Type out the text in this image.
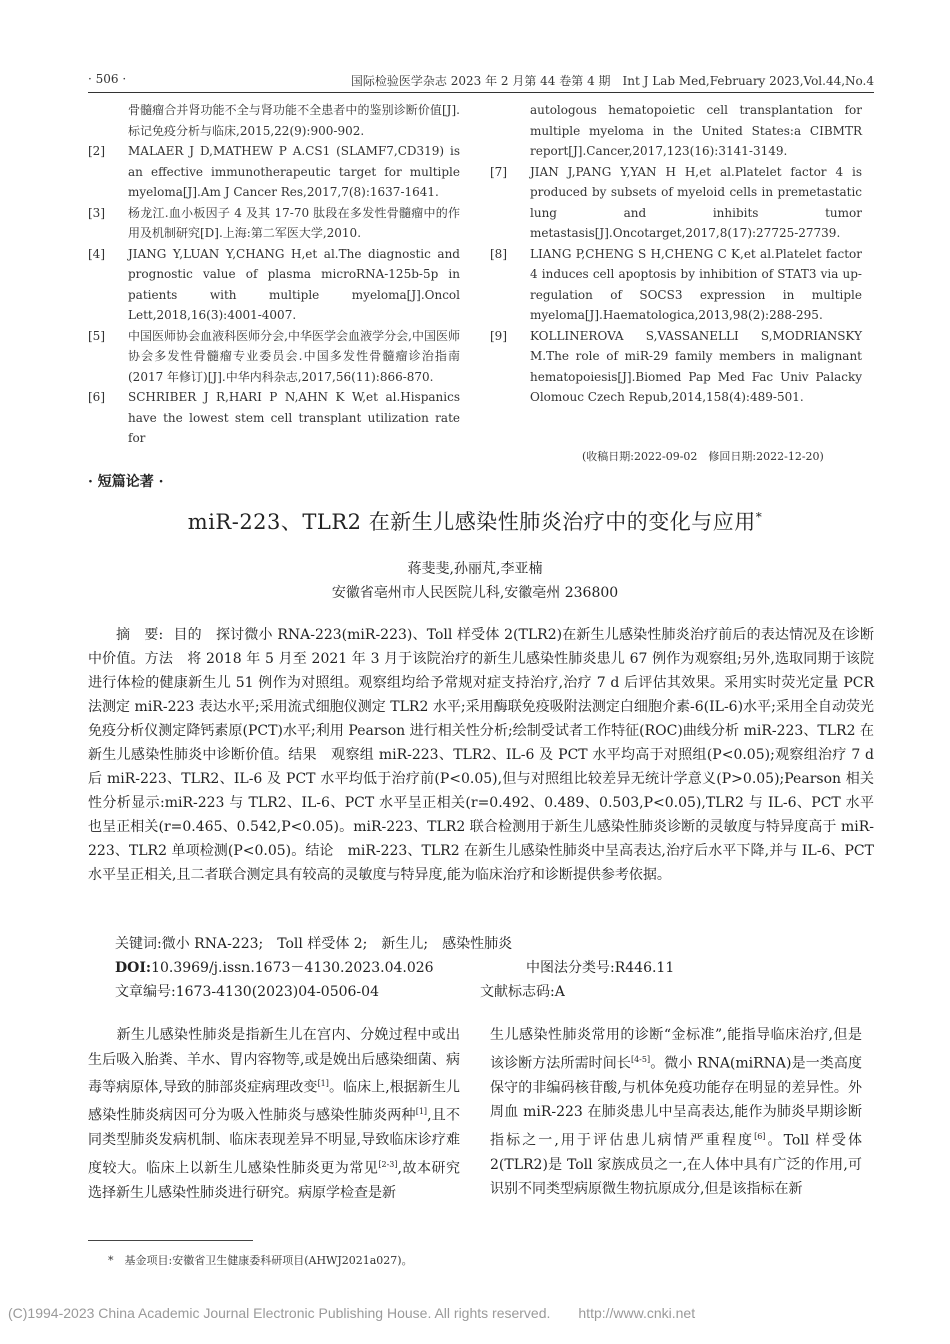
· 506 ·	国际检验医学杂志 2023 年 2 月第 44 卷第 4 期　Int J Lab Med,February 2023,Vol.44,No.4
骨髓瘤合并肾功能不全与肾功能不全患者中的鉴别诊断价值[J].标记免疫分析与临床,2015,22(9):900-902.
[2] MALAER J D,MATHEW P A.CS1 (SLAMF7,CD319) is an effective immunotherapeutic target for multiple myeloma[J].Am J Cancer Res,2017,7(8):1637-1641.
[3] 杨龙江.血小板因子 4 及其 17-70 肽段在多发性骨髓瘤中的作用及机制研究[D].上海:第二军医大学,2010.
[4] JIANG Y,LUAN Y,CHANG H,et al.The diagnostic and prognostic value of plasma microRNA-125b-5p in patients with multiple myeloma[J].Oncol Lett,2018,16(3):4001-4007.
[5] 中国医师协会血液科医师分会,中华医学会血液学分会,中国医师协会多发性骨髓瘤专业委员会.中国多发性骨髓瘤诊治指南(2017 年修订)[J].中华内科杂志,2017,56(11):866-870.
[6] SCHRIBER J R,HARI P N,AHN K W,et al.Hispanics have the lowest stem cell transplant utilization rate for
autologous hematopoietic cell transplantation for multiple myeloma in the United States:a CIBMTR report[J].Cancer,2017,123(16):3141-3149.
[7] JIAN J,PANG Y,YAN H H,et al.Platelet factor 4 is produced by subsets of myeloid cells in premetastatic lung and inhibits tumor metastasis[J].Oncotarget,2017,8(17):27725-27739.
[8] LIANG P,CHENG S H,CHENG C K,et al.Platelet factor 4 induces cell apoptosis by inhibition of STAT3 via up-regulation of SOCS3 expression in multiple myeloma[J].Haematologica,2013,98(2):288-295.
[9] KOLLINEROVA S,VASSANELLI S,MODRIANSKY M.The role of miR-29 family members in malignant hematopoiesis[J].Biomed Pap Med Fac Univ Palacky Olomouc Czech Repub,2014,158(4):489-501.
(收稿日期:2022-09-02　修回日期:2022-12-20)
· 短篇论著 ·
miR-223、TLR2 在新生儿感染性肺炎治疗中的变化与应用*
蒋斐斐,孙丽芃,李亚楠
安徽省亳州市人民医院儿科,安徽亳州 236800
摘　要: 目的　探讨微小 RNA-223(miR-223)、Toll 样受体 2(TLR2)在新生儿感染性肺炎治疗前后的表达情况及在诊断中价值。方法　将 2018 年 5 月至 2021 年 3 月于该院治疗的新生儿感染性肺炎患儿 67 例作为观察组;另外,选取同期于该院进行体检的健康新生儿 51 例作为对照组。观察组均给予常规对症支持治疗,治疗 7 d 后评估其效果。采用实时荧光定量 PCR 法测定 miR-223 表达水平;采用流式细胞仪测定 TLR2 水平;采用酶联免疫吸附法测定白细胞介素-6(IL-6)水平;采用全自动荧光免疫分析仪测定降钙素原(PCT)水平;利用 Pearson 进行相关性分析;绘制受试者工作特征(ROC)曲线分析 miR-223、TLR2 在新生儿感染性肺炎中诊断价值。结果　观察组 miR-223、TLR2、IL-6 及 PCT 水平均高于对照组(P<0.05);观察组治疗 7 d 后 miR-223、TLR2、IL-6 及 PCT 水平均低于治疗前(P<0.05),但与对照组比较差异无统计学意义(P>0.05);Pearson 相关性分析显示:miR-223 与 TLR2、IL-6、PCT 水平呈正相关(r=0.492、0.489、0.503,P<0.05),TLR2 与 IL-6、PCT 水平也呈正相关(r=0.465、0.542,P<0.05)。miR-223、TLR2 联合检测用于新生儿感染性肺炎诊断的灵敏度与特异度高于 miR-223、TLR2 单项检测(P<0.05)。结论　miR-223、TLR2 在新生儿感染性肺炎中呈高表达,治疗后水平下降,并与 IL-6、PCT 水平呈正相关,且二者联合测定具有较高的灵敏度与特异度,能为临床治疗和诊断提供参考依据。
关键词:微小 RNA-223;　Toll 样受体 2;　新生儿;　感染性肺炎
DOI:10.3969/j.issn.1673－4130.2023.04.026	中图法分类号:R446.11
文章编号:1673-4130(2023)04-0506-04	文献标志码:A
　　新生儿感染性肺炎是指新生儿在宫内、分娩过程中或出生后吸入胎粪、羊水、胃内容物等,或是娩出后感染细菌、病毒等病原体,导致的肺部炎症病理改变[1]。临床上,根据新生儿感染性肺炎病因可分为吸入性肺炎与感染性肺炎两种[1],且不同类型肺炎发病机制、临床表现差异不明显,导致临床诊疗难度较大。临床上以新生儿感染性肺炎更为常见[2-3],故本研究选择新生儿感染性肺炎进行研究。病原学检查是新
生儿感染性肺炎常用的诊断“金标准”,能指导临床治疗,但是该诊断方法所需时间长[4-5]。微小 RNA(miRNA)是一类高度保守的非编码核苷酸,与机体免疫功能存在明显的差异性。外周血 miR-223 在肺炎患儿中呈高表达,能作为肺炎早期诊断指标之一,用于评估患儿病情严重程度[6]。Toll 样受体 2(TLR2)是 Toll 家族成员之一,在人体中具有广泛的作用,可识别不同类型病原微生物抗原成分,但是该指标在新
*　基金项目:安徽省卫生健康委科研项目(AHWJ2021a027)。
(C)1994-2023 China Academic Journal Electronic Publishing House. All rights reserved.　　http://www.cnki.net
